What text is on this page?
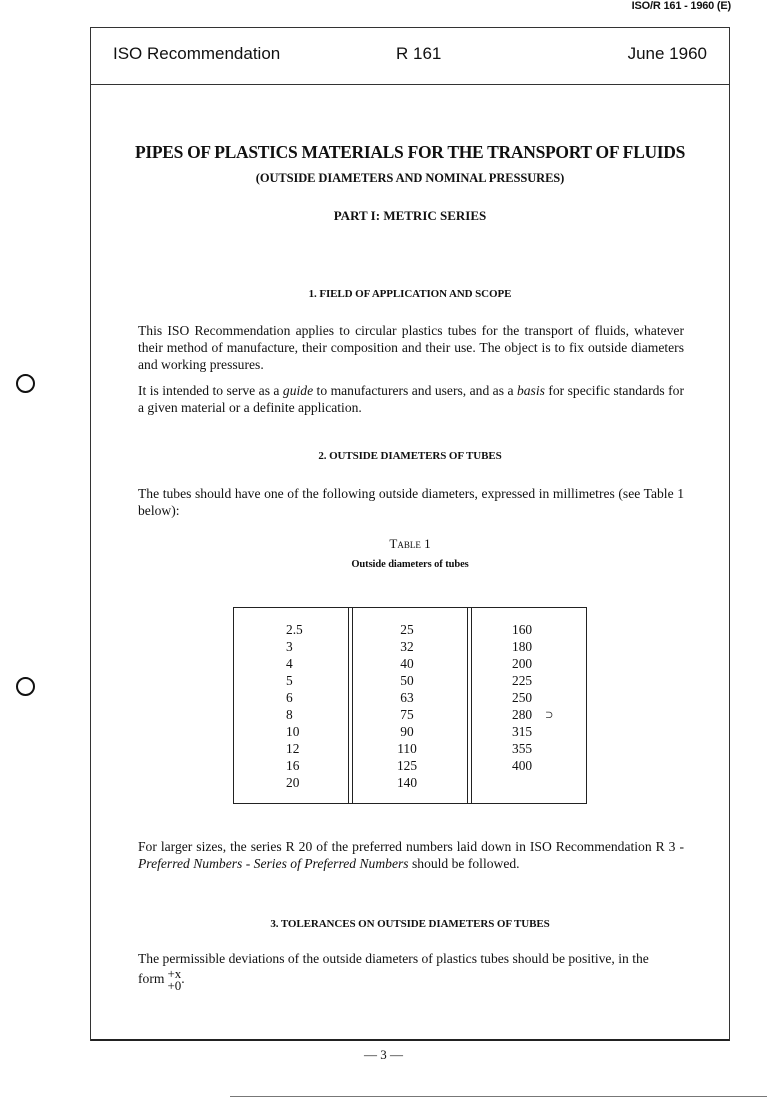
ISO/R 161 - 1960 (E)
ISO Recommendation	R 161	June 1960
PIPES OF PLASTICS MATERIALS FOR THE TRANSPORT OF FLUIDS
(OUTSIDE DIAMETERS AND NOMINAL PRESSURES)
PART I: METRIC SERIES
1. FIELD OF APPLICATION AND SCOPE

This ISO Recommendation applies to circular plastics tubes for the transport of fluids, whatever their method of manufacture, their composition and their use. The object is to fix outside diameters and working pressures.

It is intended to serve as a guide to manufacturers and users, and as a basis for specific standards for a given material or a definite application.

2. OUTSIDE DIAMETERS OF TUBES

The tubes should have one of the following outside diameters, expressed in millimetres (see Table 1 below):

Table 1
Outside diameters of tubes
2.5
3
4
5
6
8
10
12
16
20
25
32
40
50
63
75
90
110
125
140
160
180
200
225
250
280
315
355
400
⊃

For larger sizes, the series R 20 of the preferred numbers laid down in ISO Recommendation R 3 - Preferred Numbers - Series of Preferred Numbers should be followed.

3. TOLERANCES ON OUTSIDE DIAMETERS OF TUBES

The permissible deviations of the outside diameters of plastics tubes should be positive, in the

form +x
+0 .
— 3 —
